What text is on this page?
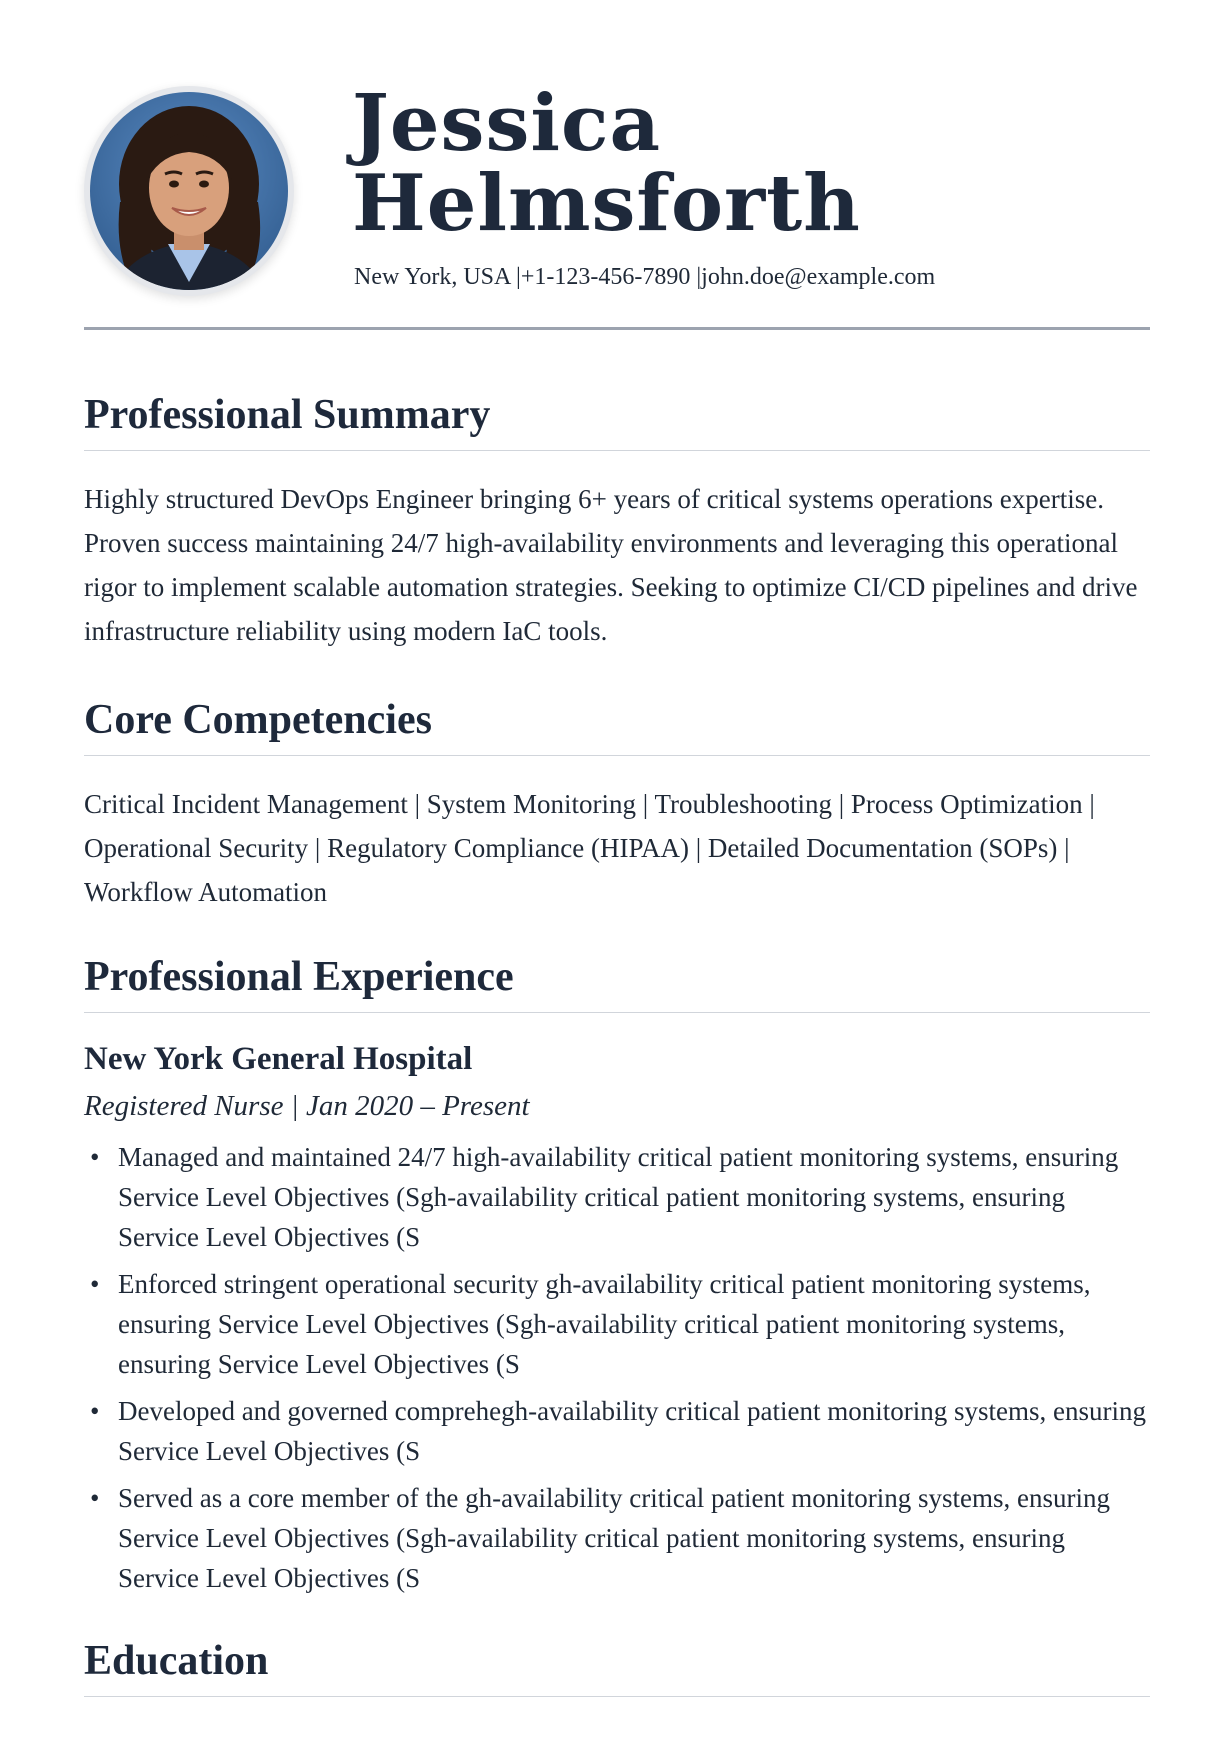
Jessica
Helmsforth
New York, USA |+1-123-456-7890 |john.doe@example.com
Professional Summary

Highly structured DevOps Engineer bringing 6+ years of critical systems operations expertise. Proven success maintaining 24/7 high-availability environments and leveraging this operational rigor to implement scalable automation strategies. Seeking to optimize CI/CD pipelines and drive infrastructure reliability using modern IaC tools.

Core Competencies

Critical Incident Management | System Monitoring | Troubleshooting | Process Optimization | Operational Security | Regulatory Compliance (HIPAA) | Detailed Documentation (SOPs) | Workflow Automation

Professional Experience
New York General Hospital
Registered Nurse | Jan 2020 – Present
• Managed and maintained 24/7 high-availability critical patient monitoring systems, ensuring Service Level Objectives (Sgh-availability critical patient monitoring systems, ensuring Service Level Objectives (S
• Enforced stringent operational security gh-availability critical patient monitoring systems, ensuring Service Level Objectives (Sgh-availability critical patient monitoring systems, ensuring Service Level Objectives (S
• Developed and governed comprehegh-availability critical patient monitoring systems, ensuring Service Level Objectives (S
• Served as a core member of the gh-availability critical patient monitoring systems, ensuring Service Level Objectives (Sgh-availability critical patient monitoring systems, ensuring Service Level Objectives (S
Education
